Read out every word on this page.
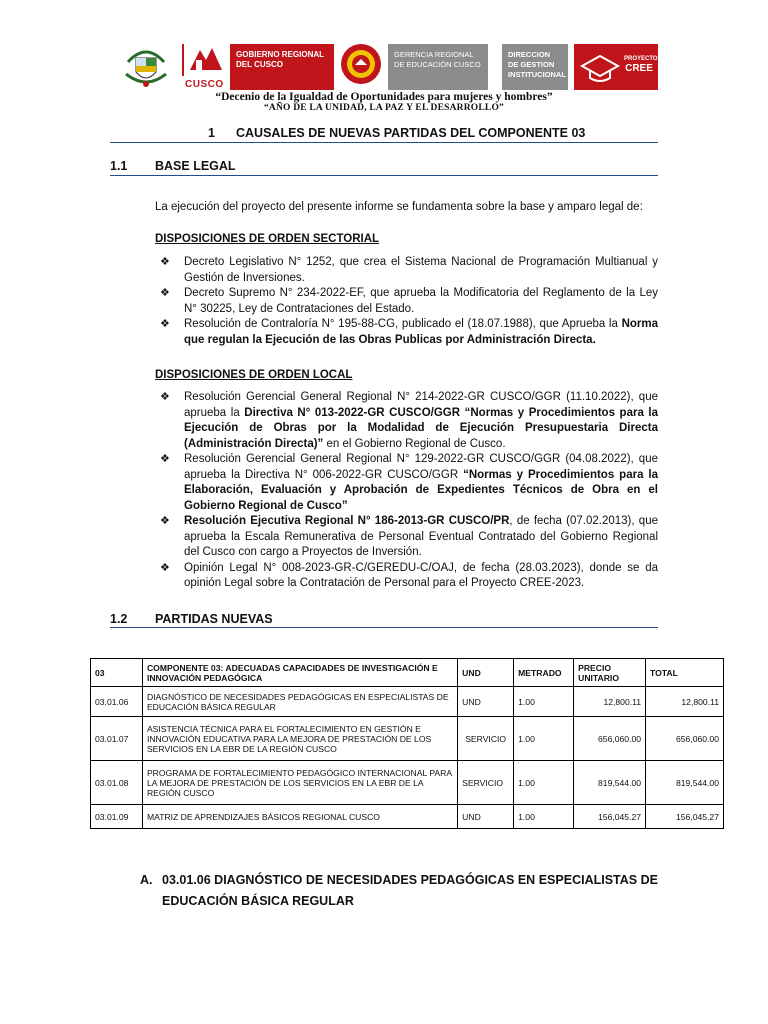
CUSCO
GOBIERNO REGIONAL DEL CUSCO
GERENCIA REGIONAL DE EDUCACIÓN CUSCO
DIRECCION DE GESTION INSTITUCIONAL
PROYECTO
CREE
“Decenio de la Igualdad de Oportunidades para mujeres y hombres”
“AÑO DE LA UNIDAD, LA PAZ Y EL DESARROLLO”
1 CAUSALES DE NUEVAS PARTIDAS DEL COMPONENTE 03
1.1 BASE LEGAL
La ejecución del proyecto del presente informe se fundamenta sobre la base y amparo legal de:
DISPOSICIONES DE ORDEN SECTORIAL
❖ Decreto Legislativo N° 1252, que crea el Sistema Nacional de Programación Multianual y Gestión de Inversiones.
❖ Decreto Supremo N° 234-2022-EF, que aprueba la Modificatoria del Reglamento de la Ley N° 30225, Ley de Contrataciones del Estado.
❖ Resolución de Contraloría N° 195-88-CG, publicado el (18.07.1988), que Aprueba la Norma que regulan la Ejecución de las Obras Publicas por Administración Directa.
DISPOSICIONES DE ORDEN LOCAL
❖ Resolución Gerencial General Regional N° 214-2022-GR CUSCO/GGR (11.10.2022), que aprueba la Directiva N° 013-2022-GR CUSCO/GGR “Normas y Procedimientos para la Ejecución de Obras por la Modalidad de Ejecución Presupuestaria Directa (Administración Directa)” en el Gobierno Regional de Cusco.
❖ Resolución Gerencial General Regional N° 129-2022-GR CUSCO/GGR (04.08.2022), que aprueba la Directiva N° 006-2022-GR CUSCO/GGR “Normas y Procedimientos para la Elaboración, Evaluación y Aprobación de Expedientes Técnicos de Obra en el Gobierno Regional de Cusco”
❖ Resolución Ejecutiva Regional N° 186-2013-GR CUSCO/PR, de fecha (07.02.2013), que aprueba la Escala Remunerativa de Personal Eventual Contratado del Gobierno Regional del Cusco con cargo a Proyectos de Inversión.
❖ Opinión Legal N° 008-2023-GR-C/GEREDU-C/OAJ, de fecha (28.03.2023), donde se da opinión Legal sobre la Contratación de Personal para el Proyecto CREE-2023.
1.2 PARTIDAS NUEVAS
03	COMPONENTE 03: ADECUADAS CAPACIDADES DE INVESTIGACIÓN E INNOVACIÓN PEDAGÓGICA	UND	METRADO	PRECIO UNITARIO	TOTAL
03.01.06	DIAGNÓSTICO DE NECESIDADES PEDAGÓGICAS EN ESPECIALISTAS DE EDUCACIÓN BÁSICA REGULAR	UND	1.00	12,800.11	12,800.11
03.01.07	ASISTENCIA TÉCNICA PARA EL FORTALECIMIENTO EN GESTIÓN E INNOVACIÓN EDUCATIVA PARA LA MEJORA DE PRESTACIÓN DE LOS SERVICIOS EN LA EBR DE LA REGIÓN CUSCO	SERVICIO	1.00	656,060.00	656,060.00
03.01.08	PROGRAMA DE FORTALECIMIENTO PEDAGÓGICO INTERNACIONAL PARA LA MEJORA DE PRESTACIÓN DE LOS SERVICIOS EN LA EBR DE LA REGIÓN CUSCO	SERVICIO	1.00	819,544.00	819,544.00
03.01.09	MATRIZ DE APRENDIZAJES BÁSICOS REGIONAL CUSCO	UND	1.00	156,045.27	156,045.27
A. 03.01.06 DIAGNÓSTICO DE NECESIDADES PEDAGÓGICAS EN ESPECIALISTAS DE EDUCACIÓN BÁSICA REGULAR
